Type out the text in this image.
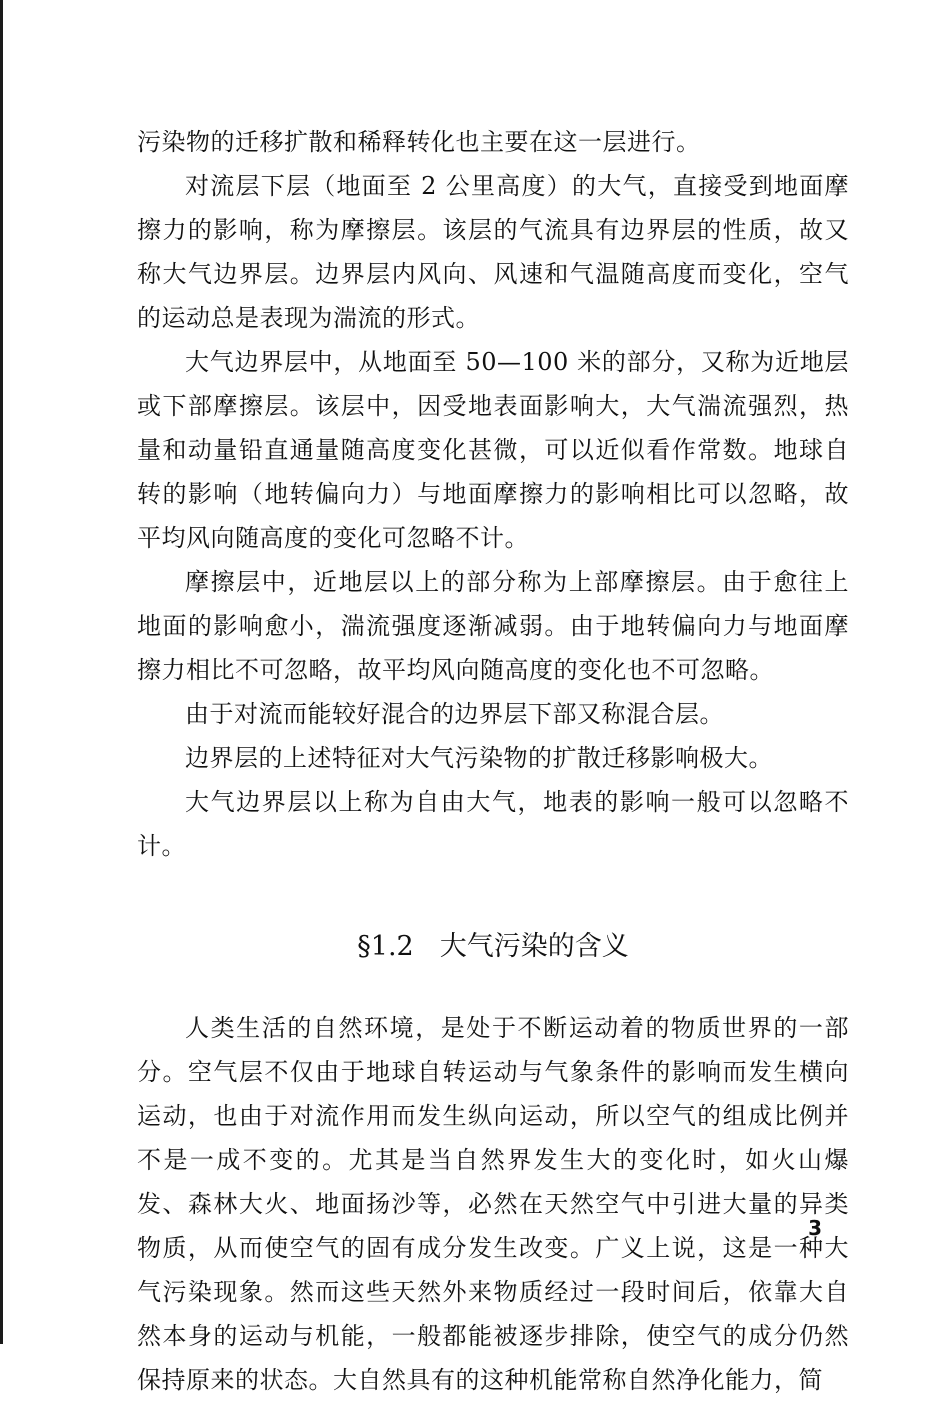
污染物的迁移扩散和稀释转化也主要在这一层进行。
对流层下层（地面至 2 公里高度）的大气，直接受到地面摩
擦力的影响，称为摩擦层。该层的气流具有边界层的性质，故又
称大气边界层。边界层内风向、风速和气温随高度而变化，空气
的运动总是表现为湍流的形式。
大气边界层中，从地面至 50—100 米的部分，又称为近地层
或下部摩擦层。该层中，因受地表面影响大，大气湍流强烈，热
量和动量铅直通量随高度变化甚微，可以近似看作常数。地球自
转的影响（地转偏向力）与地面摩擦力的影响相比可以忽略，故
平均风向随高度的变化可忽略不计。
摩擦层中，近地层以上的部分称为上部摩擦层。由于愈往上
地面的影响愈小，湍流强度逐渐减弱。由于地转偏向力与地面摩
擦力相比不可忽略，故平均风向随高度的变化也不可忽略。
由于对流而能较好混合的边界层下部又称混合层。
边界层的上述特征对大气污染物的扩散迁移影响极大。
大气边界层以上称为自由大气，地表的影响一般可以忽略不
计。
§1.2 大气污染的含义
人类生活的自然环境，是处于不断运动着的物质世界的一部
分。空气层不仅由于地球自转运动与气象条件的影响而发生横向
运动，也由于对流作用而发生纵向运动，所以空气的组成比例并
不是一成不变的。尤其是当自然界发生大的变化时，如火山爆
发、森林大火、地面扬沙等，必然在天然空气中引进大量的异类
物质，从而使空气的固有成分发生改变。广义上说，这是一种大
气污染现象。然而这些天然外来物质经过一段时间后，依靠大自
然本身的运动与机能，一般都能被逐步排除，使空气的成分仍然
保持原来的状态。大自然具有的这种机能常称自然净化能力，简
3
